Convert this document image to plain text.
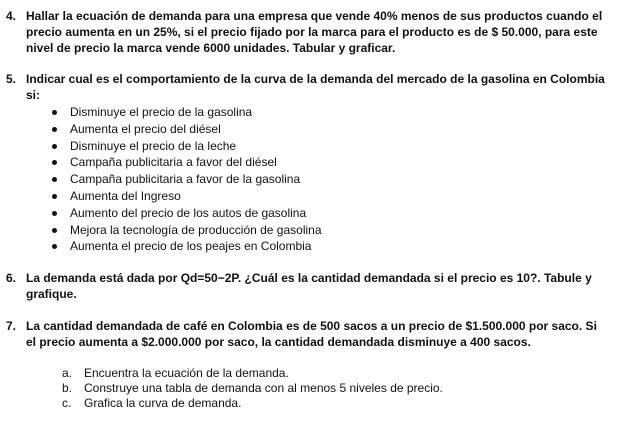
4. Hallar la ecuación de demanda para una empresa que vende 40% menos de sus productos cuando el
precio aumenta en un 25%, si el precio fijado por la marca para el producto es de $ 50.000, para este
nivel de precio la marca vende 6000 unidades. Tabular y graficar.
5. Indicar cual es el comportamiento de la curva de la demanda del mercado de la gasolina en Colombia
si:
Disminuye el precio de la gasolina
Aumenta el precio del diésel
Disminuye el precio de la leche
Campaña publicitaria a favor del diésel
Campaña publicitaria a favor de la gasolina
Aumenta del Ingreso
Aumento del precio de los autos de gasolina
Mejora la tecnología de producción de gasolina
Aumenta el precio de los peajes en Colombia
6. La demanda está dada por Qd=50−2P. ¿Cuál es la cantidad demandada si el precio es 10?. Tabule y
grafique.
7. La cantidad demandada de café en Colombia es de 500 sacos a un precio de $1.500.000 por saco. Si
el precio aumenta a $2.000.000 por saco, la cantidad demandada disminuye a 400 sacos.
a. Encuentra la ecuación de la demanda.
b. Construye una tabla de demanda con al menos 5 niveles de precio.
c. Grafica la curva de demanda.
